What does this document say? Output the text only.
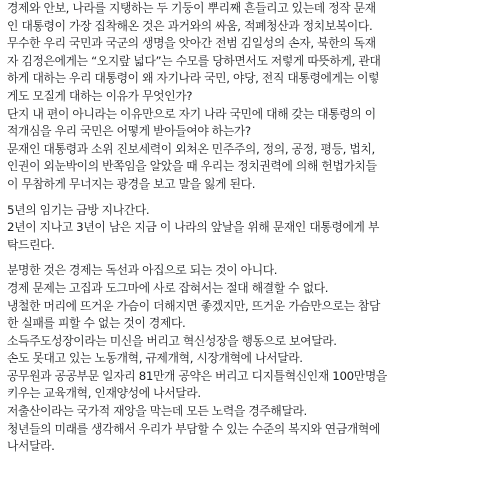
경제와 안보, 나라를 지탱하는 두 기둥이 뿌리째 흔들리고 있는데 정작 문재
인 대통령이 가장 집착해온 것은 과거와의 싸움, 적폐청산과 정치보복이다.
무수한 우리 국민과 국군의 생명을 앗아간 전범 김일성의 손자, 북한의 독재
자 김정은에게는 “오지랖 넓다”는 수모를 당하면서도 저렇게 따뜻하게, 관대
하게 대하는 우리 대통령이 왜 자기나라 국민, 야당, 전직 대통령에게는 이렇
게도 모질게 대하는 이유가 무엇인가?
단지 내 편이 아니라는 이유만으로 자기 나라 국민에 대해 갖는 대통령의 이
적개심을 우리 국민은 어떻게 받아들여야 하는가?
문재인 대통령과 소위 진보세력이 외쳐온 민주주의, 정의, 공정, 평등, 법치,
인권이 외눈박이의 반쪽임을 알았을 때 우리는 정치권력에 의해 헌법가치들
이 무참하게 무너지는 광경을 보고 말을 잃게 된다.
5년의 임기는 금방 지나간다.
2년이 지나고 3년이 남은 지금 이 나라의 앞날을 위해 문재인 대통령에게 부
탁드린다.
분명한 것은 경제는 독선과 아집으로 되는 것이 아니다.
경제 문제는 고집과 도그마에 사로 잡혀서는 절대 해결할 수 없다.
냉철한 머리에 뜨거운 가슴이 더해지면 좋겠지만, 뜨거운 가슴만으로는 참담
한 실패를 피할 수 없는 것이 경제다.
소득주도성장이라는 미신을 버리고 혁신성장을 행동으로 보여달라.
손도 못대고 있는 노동개혁, 규제개혁, 시장개혁에 나서달라.
공무원과 공공부문 일자리 81만개 공약은 버리고 디지틀혁신인재 100만명을
키우는 교육개혁, 인재양성에 나서달라.
저출산이라는 국가적 재앙을 막는데 모든 노력을 경주해달라.
청년들의 미래를 생각해서 우리가 부담할 수 있는 수준의 복지와 연금개혁에
나서달라.
